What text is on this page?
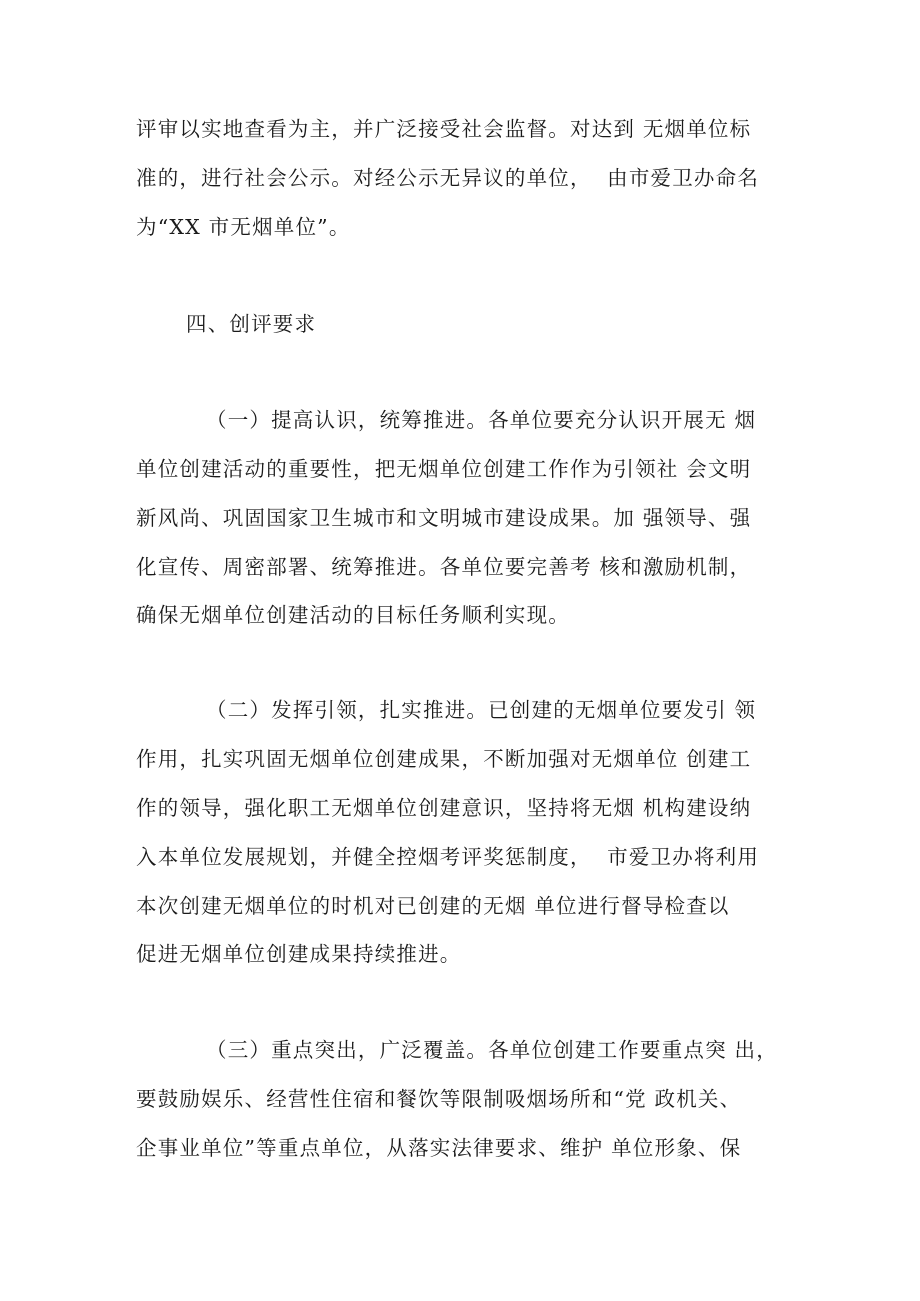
评审以实地查看为主，并广泛接受社会监督。对达到 无烟单位标
准的，进行社会公示。对经公示无异议的单位，  由市爱卫办命名
为“XX 市无烟单位”。
四、创评要求
（一）提高认识，统筹推进。各单位要充分认识开展无 烟
单位创建活动的重要性，把无烟单位创建工作作为引领社 会文明
新风尚、巩固国家卫生城市和文明城市建设成果。加 强领导、强
化宣传、周密部署、统筹推进。各单位要完善考 核和激励机制，
确保无烟单位创建活动的目标任务顺利实现。
（二）发挥引领，扎实推进。已创建的无烟单位要发引 领
作用，扎实巩固无烟单位创建成果，不断加强对无烟单位 创建工
作的领导，强化职工无烟单位创建意识，坚持将无烟 机构建设纳
入本单位发展规划，并健全控烟考评奖惩制度，  市爱卫办将利用
本次创建无烟单位的时机对已创建的无烟 单位进行督导检查以
促进无烟单位创建成果持续推进。
（三）重点突出，广泛覆盖。各单位创建工作要重点突 出，
要鼓励娱乐、经营性住宿和餐饮等限制吸烟场所和“党 政机关、
企事业单位”等重点单位，从落实法律要求、维护 单位形象、保
